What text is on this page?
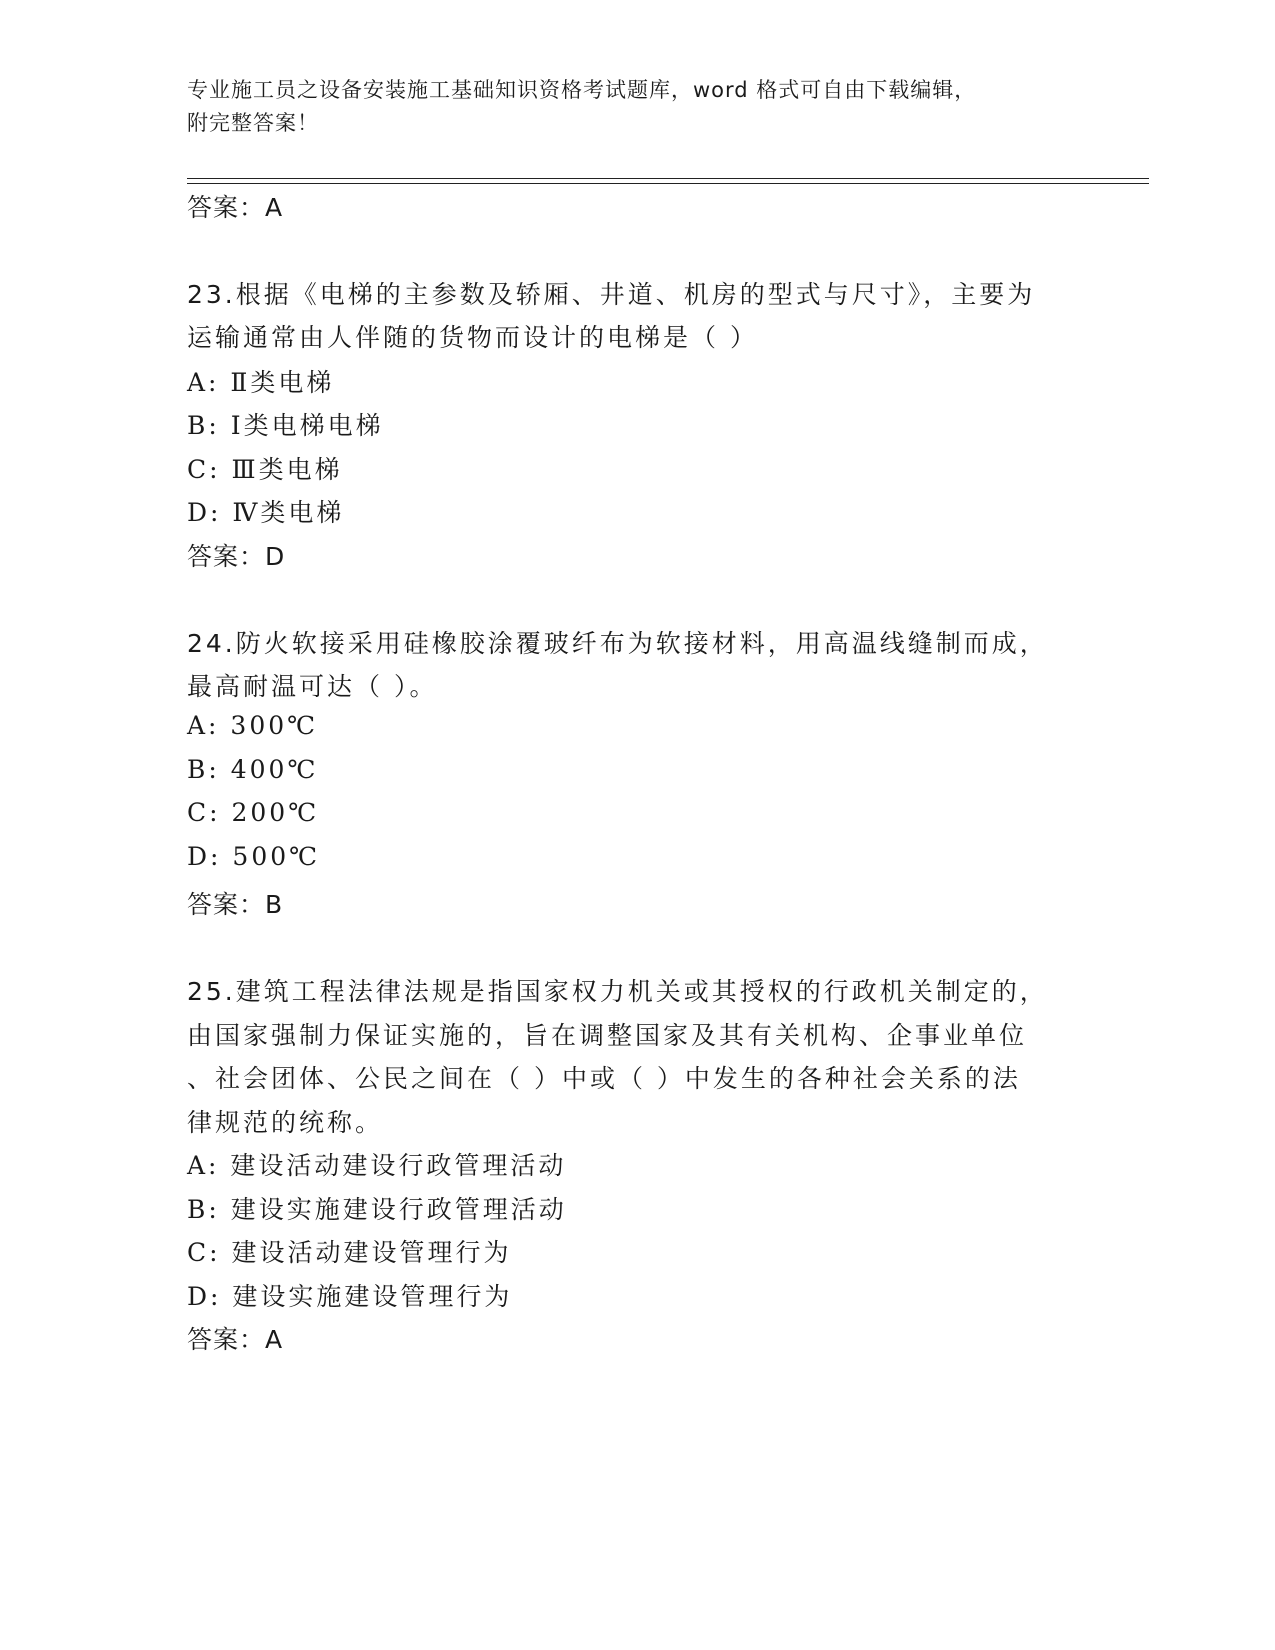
专业施工员之设备安装施工基础知识资格考试题库，word 格式可自由下载编辑，
附完整答案！
答案：A
23.根据《电梯的主参数及轿厢、井道、机房的型式与尺寸》，主要为
运输通常由人伴随的货物而设计的电梯是（ ）
A: Ⅱ类电梯
B: Ⅰ类电梯电梯
C: Ⅲ类电梯
D: Ⅳ类电梯
答案：D
24.防火软接采用硅橡胶涂覆玻纤布为软接材料，用高温线缝制而成，
最高耐温可达（ ）。
A: 300℃
B: 400℃
C: 200℃
D: 500℃
答案：B
25.建筑工程法律法规是指国家权力机关或其授权的行政机关制定的，
由国家强制力保证实施的，旨在调整国家及其有关机构、企事业单位
、社会团体、公民之间在（ ）中或（ ）中发生的各种社会关系的法
律规范的统称。
A: 建设活动建设行政管理活动
B: 建设实施建设行政管理活动
C: 建设活动建设管理行为
D: 建设实施建设管理行为
答案：A
